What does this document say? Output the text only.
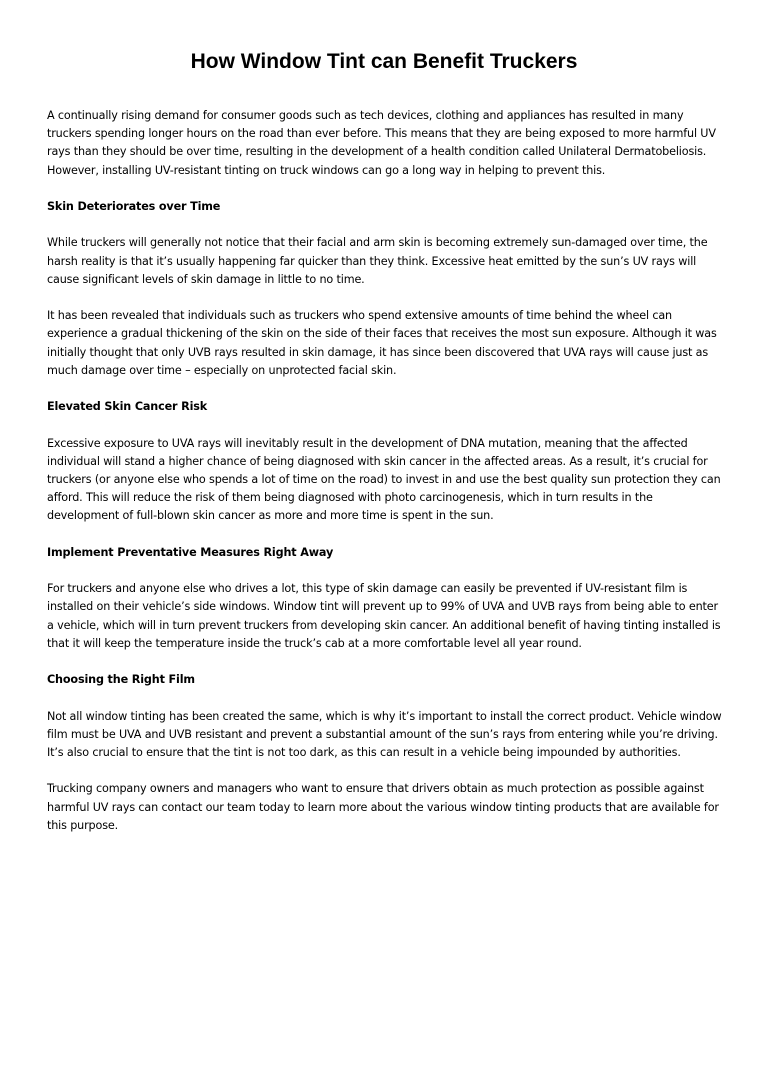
How Window Tint can Benefit Truckers

A continually rising demand for consumer goods such as tech devices, clothing and appliances has resulted in many truckers spending longer hours on the road than ever before. This means that they are being exposed to more harmful UV rays than they should be over time, resulting in the development of a health condition called Unilateral Dermatobeliosis. However, installing UV-resistant tinting on truck windows can go a long way in helping to prevent this.

Skin Deteriorates over Time

While truckers will generally not notice that their facial and arm skin is becoming extremely sun-damaged over time, the harsh reality is that it’s usually happening far quicker than they think. Excessive heat emitted by the sun’s UV rays will cause significant levels of skin damage in little to no time.

It has been revealed that individuals such as truckers who spend extensive amounts of time behind the wheel can experience a gradual thickening of the skin on the side of their faces that receives the most sun exposure. Although it was initially thought that only UVB rays resulted in skin damage, it has since been discovered that UVA rays will cause just as much damage over time – especially on unprotected facial skin.

Elevated Skin Cancer Risk

Excessive exposure to UVA rays will inevitably result in the development of DNA mutation, meaning that the affected individual will stand a higher chance of being diagnosed with skin cancer in the affected areas. As a result, it’s crucial for truckers (or anyone else who spends a lot of time on the road) to invest in and use the best quality sun protection they can afford. This will reduce the risk of them being diagnosed with photo carcinogenesis, which in turn results in the development of full-blown skin cancer as more and more time is spent in the sun.

Implement Preventative Measures Right Away

For truckers and anyone else who drives a lot, this type of skin damage can easily be prevented if UV-resistant film is installed on their vehicle’s side windows. Window tint will prevent up to 99% of UVA and UVB rays from being able to enter a vehicle, which will in turn prevent truckers from developing skin cancer. An additional benefit of having tinting installed is that it will keep the temperature inside the truck’s cab at a more comfortable level all year round.

Choosing the Right Film

Not all window tinting has been created the same, which is why it’s important to install the correct product. Vehicle window film must be UVA and UVB resistant and prevent a substantial amount of the sun’s rays from entering while you’re driving. It’s also crucial to ensure that the tint is not too dark, as this can result in a vehicle being impounded by authorities.

Trucking company owners and managers who want to ensure that drivers obtain as much protection as possible against harmful UV rays can contact our team today to learn more about the various window tinting products that are available for this purpose.
